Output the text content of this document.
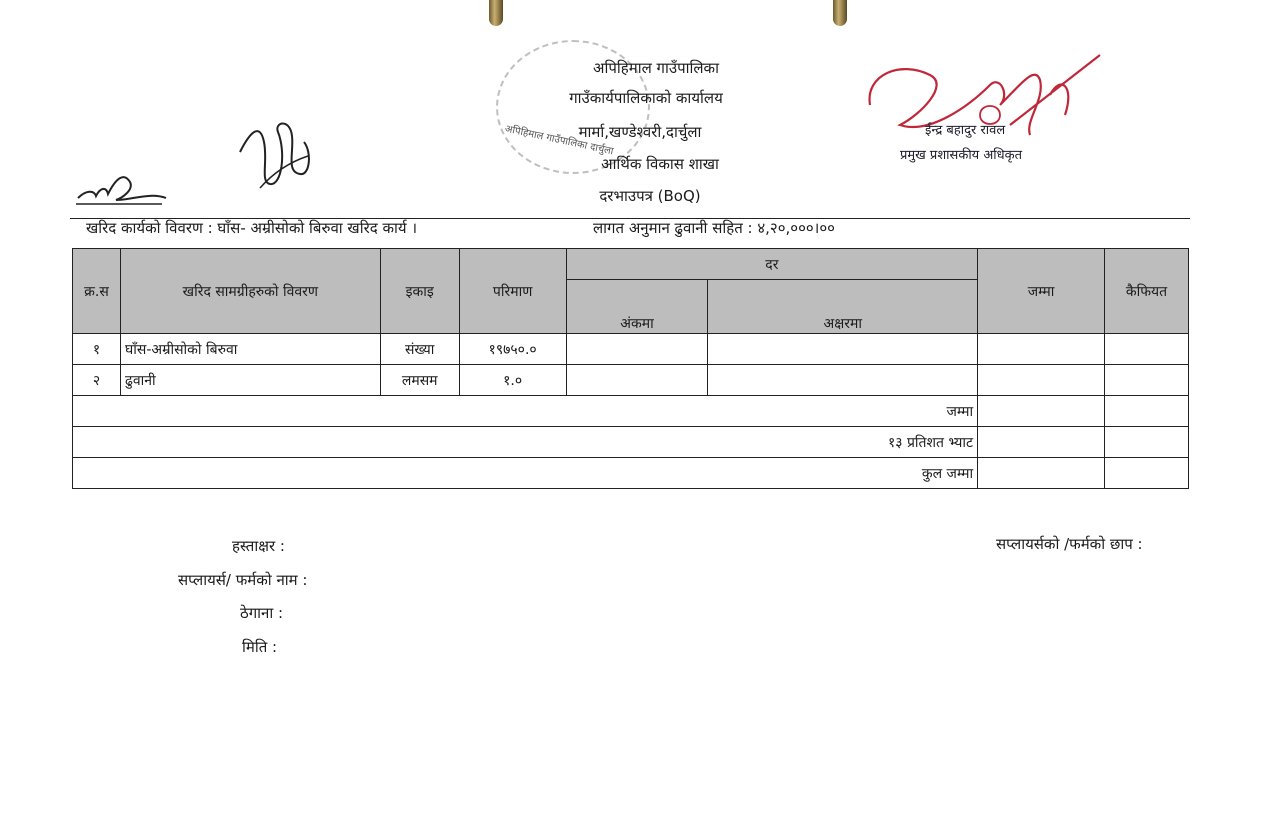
अपिहिमाल गाउँपालिका दार्चुला
अपिहिमाल गाउँपालिका
गाउँकार्यपालिकाको कार्यालय
मार्मा,खण्डेश्वरी,दार्चुला
आर्थिक विकास शाखा
दरभाउपत्र (BoQ)
ईन्द्र बहादुर रावल
प्रमुख प्रशासकीय अधिकृत
खरिद कार्यको विवरण : घाँस- अम्रीसोको बिरुवा खरिद कार्य ।	लागत अनुमान ढुवानी सहित : ४,२०,०००।००
क्र.स	खरिद सामग्रीहरुको विवरण	इकाइ	परिमाण	दर		जम्मा	कैफियत
				अंकमा	अक्षरमा		
१	घाँस-अम्रीसोको बिरुवा	संख्या	१९७५०.०				
२	ढुवानी	लमसम	१.०				
जम्मा							
१३ प्रतिशत भ्याट							
कुल जम्मा							
हस्ताक्षर :
सप्लायर्स/ फर्मको नाम :
ठेगाना :
मिति :
सप्लायर्सको /फर्मको छाप :
